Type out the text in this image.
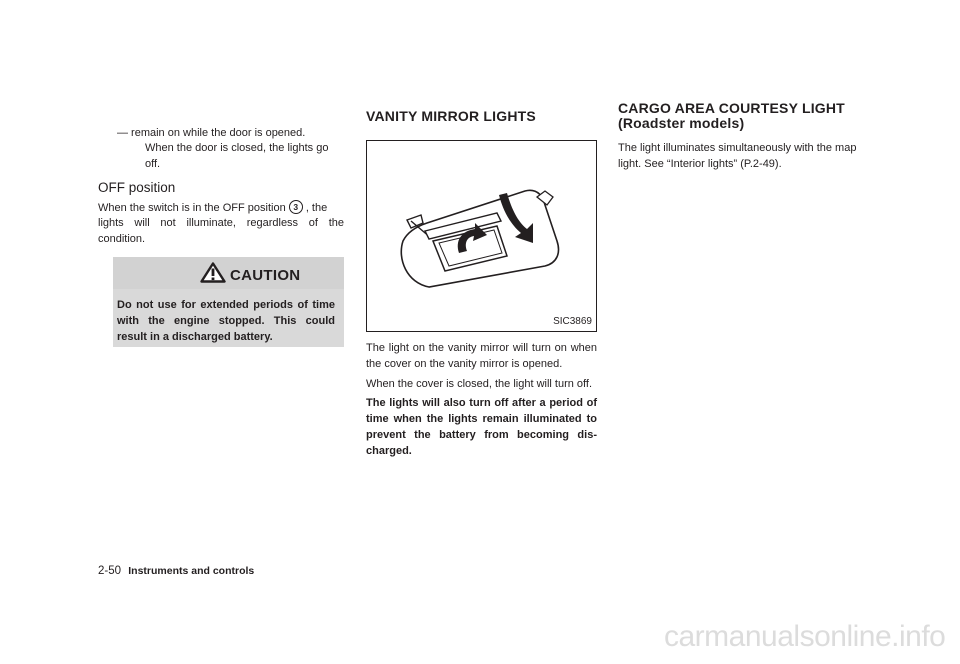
— remain on while the door is opened.

When the door is closed, the lights go

off.

OFF position

When the switch is in the OFF position 3 , the

lights will not illuminate, regardless of the

condition.

CAUTION

Do not use for extended periods of time

with the engine stopped. This could

result in a discharged battery.

VANITY MIRROR LIGHTS
SIC3869

The light on the vanity mirror will turn on when

the cover on the vanity mirror is opened.

When the cover is closed, the light will turn off.

The lights will also turn off after a period of

time when the lights remain illuminated to

prevent the battery from becoming dis-

charged.

CARGO AREA COURTESY LIGHT
(Roadster models)

The light illuminates simultaneously with the map

light. See “Interior lights” (P.2-49).

2-50 Instruments and controls
carmanualsonline.info
